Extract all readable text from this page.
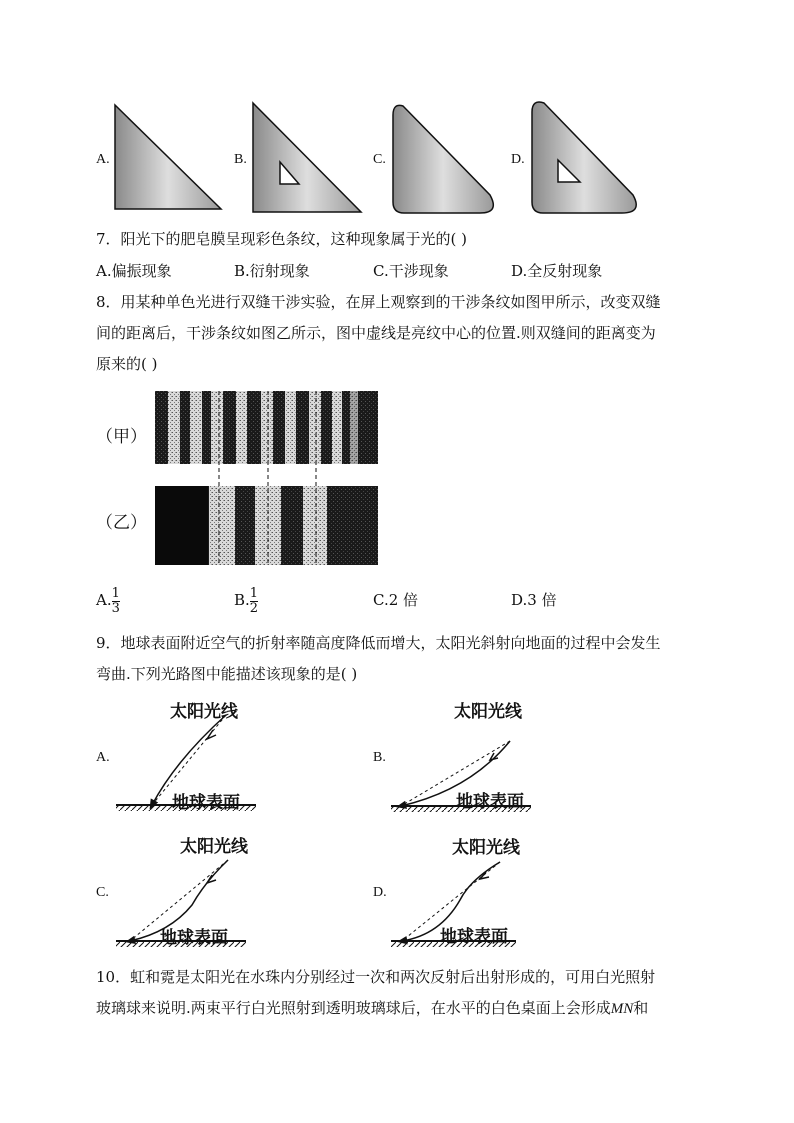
A.	B.	C.	D.
7．阳光下的肥皂膜呈现彩色条纹，这种现象属于光的( )
A.偏振现象	B.衍射现象	C.干涉现象	D.全反射现象
8．用某种单色光进行双缝干涉实验，在屏上观察到的干涉条纹如图甲所示，改变双缝
间的距离后，干涉条纹如图乙所示，图中虚线是亮纹中心的位置.则双缝间的距离变为
原来的( )
（甲）
（乙）
A. $\frac{1}{3}$	B. $\frac{1}{2}$	C.2 倍	D.3 倍
9．地球表面附近空气的折射率随高度降低而增大，太阳光斜射向地面的过程中会发生
弯曲.下列光路图中能描述该现象的是( )
A.
太阳光线
地球表面
B.
太阳光线
地球表面
C.
太阳光线
地球表面
D.
太阳光线
地球表面
10．虹和霓是太阳光在水珠内分别经过一次和两次反射后出射形成的，可用白光照射
玻璃球来说明.两束平行白光照射到透明玻璃球后，在水平的白色桌面上会形成MN和
